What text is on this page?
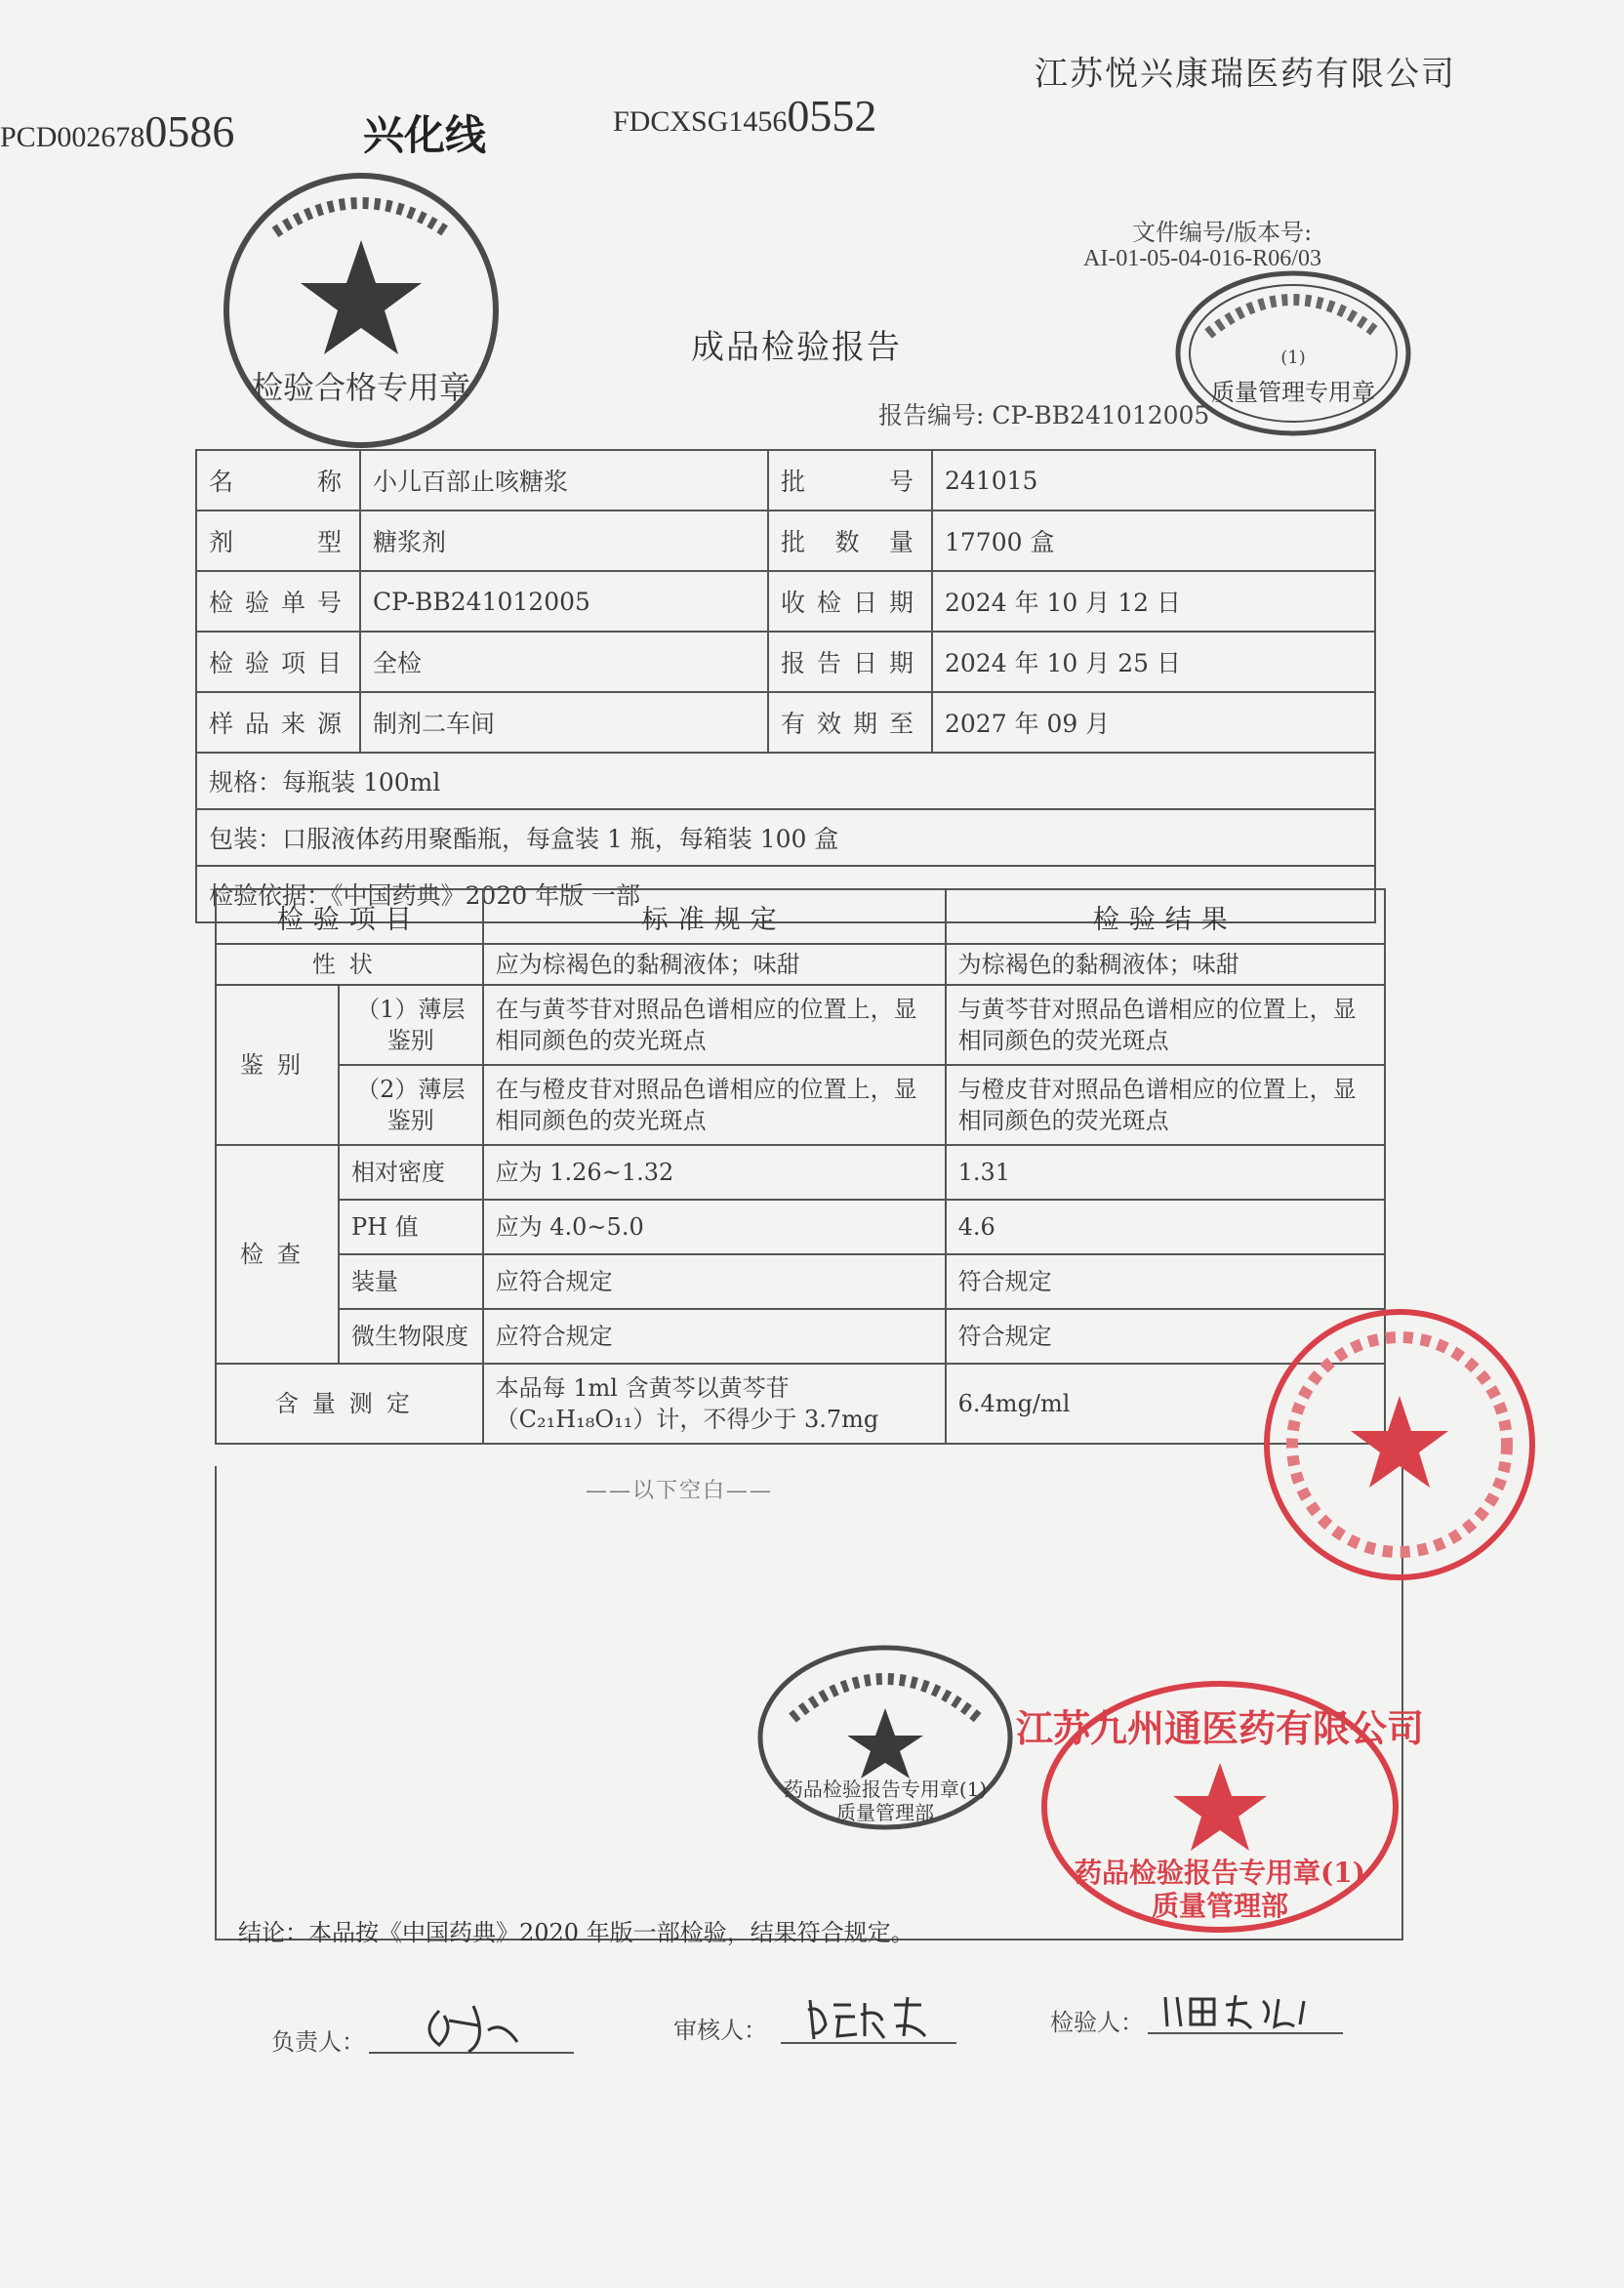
江苏悦兴康瑞医药有限公司
PCD0026780586	兴化线	FDCXSG14560552
文件编号/版本号:
AI-01-05-04-016-R06/03
成品检验报告
报告编号: CP-BB241012005
名称	小儿百部止咳糖浆	批号	241015
剂型	糖浆剂	批数量	17700 盒
检验单号	CP-BB241012005	收检日期	2024 年 10 月 12 日
检验项目	全检	报告日期	2024 年 10 月 25 日
样品来源	制剂二车间	有效期至	2027 年 09 月
规格：每瓶装 100ml			
包装：口服液体药用聚酯瓶，每盒装 1 瓶，每箱装 100 盒			
检验依据：《中国药典》2020 年版 一部			
检验项目		标准规定	检验结果
性状		应为棕褐色的黏稠液体；味甜	为棕褐色的黏稠液体；味甜
鉴别	（1）薄层鉴别	在与黄芩苷对照品色谱相应的位置上，显相同颜色的荧光斑点	与黄芩苷对照品色谱相应的位置上，显相同颜色的荧光斑点
	（2）薄层鉴别	在与橙皮苷对照品色谱相应的位置上，显相同颜色的荧光斑点	与橙皮苷对照品色谱相应的位置上，显相同颜色的荧光斑点
检查	相对密度	应为 1.26~1.32	1.31
	PH 值	应为 4.0~5.0	4.6
	装量	应符合规定	符合规定
	微生物限度	应符合规定	符合规定
含量测定		本品每 1ml 含黄芩以黄芩苷（C₂₁H₁₈O₁₁）计，不得少于 3.7mg	6.4mg/ml
——以下空白——
结论：本品按《中国药典》2020 年版一部检验，结果符合规定。
负责人：	审核人：	检验人：
检验合格专用章
(1)
质量管理专用章
药品检验报告专用章(1)
质量管理部
江苏九州通医药有限公司
药品检验报告专用章(1)
质量管理部
